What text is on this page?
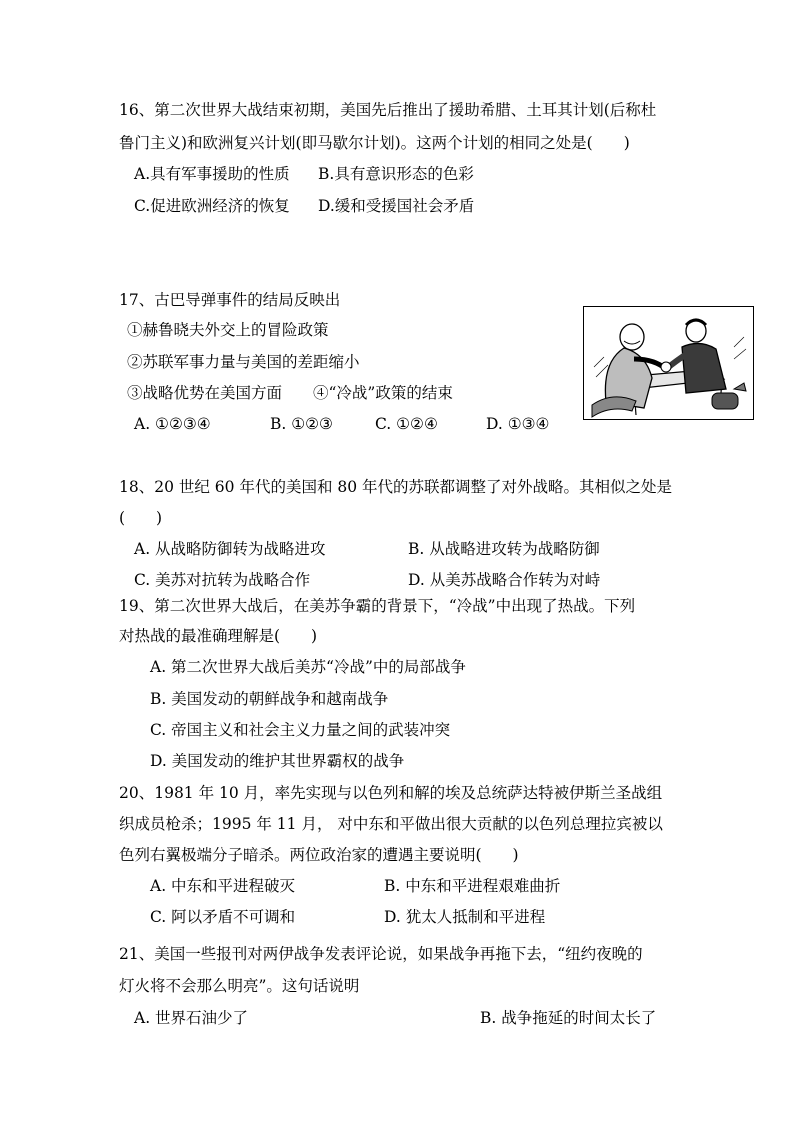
16、第二次世界大战结束初期，美国先后推出了援助希腊、土耳其计划(后称杜
鲁门主义)和欧洲复兴计划(即马歇尔计划)。这两个计划的相同之处是(　　)
A.具有军事援助的性质 B.具有意识形态的色彩
C.促进欧洲经济的恢复 D.缓和受援国社会矛盾
17、古巴导弹事件的结局反映出
①赫鲁晓夫外交上的冒险政策
②苏联军事力量与美国的差距缩小
③战略优势在美国方面 ④“冷战”政策的结束
A. ①②③④	B. ①②③	C. ①②④	D. ①③④
18、20 世纪 60 年代的美国和 80 年代的苏联都调整了对外战略。其相似之处是
(　　)
A. 从战略防御转为战略进攻	B. 从战略进攻转为战略防御
C. 美苏对抗转为战略合作	D. 从美苏战略合作转为对峙
19、第二次世界大战后，在美苏争霸的背景下，“冷战”中出现了热战。下列
对热战的最准确理解是(　　)
A. 第二次世界大战后美苏“冷战”中的局部战争
B. 美国发动的朝鲜战争和越南战争
C. 帝国主义和社会主义力量之间的武装冲突
D. 美国发动的维护其世界霸权的战争
20、1981 年 10 月，率先实现与以色列和解的埃及总统萨达特被伊斯兰圣战组
织成员枪杀；1995 年 11 月， 对中东和平做出很大贡献的以色列总理拉宾被以
色列右翼极端分子暗杀。两位政治家的遭遇主要说明(　　)
A. 中东和平进程破灭	B. 中东和平进程艰难曲折
C. 阿以矛盾不可调和	D. 犹太人抵制和平进程
21、美国一些报刊对两伊战争发表评论说，如果战争再拖下去，“纽约夜晚的
灯火将不会那么明亮”。这句话说明
A. 世界石油少了	B. 战争拖延的时间太长了
